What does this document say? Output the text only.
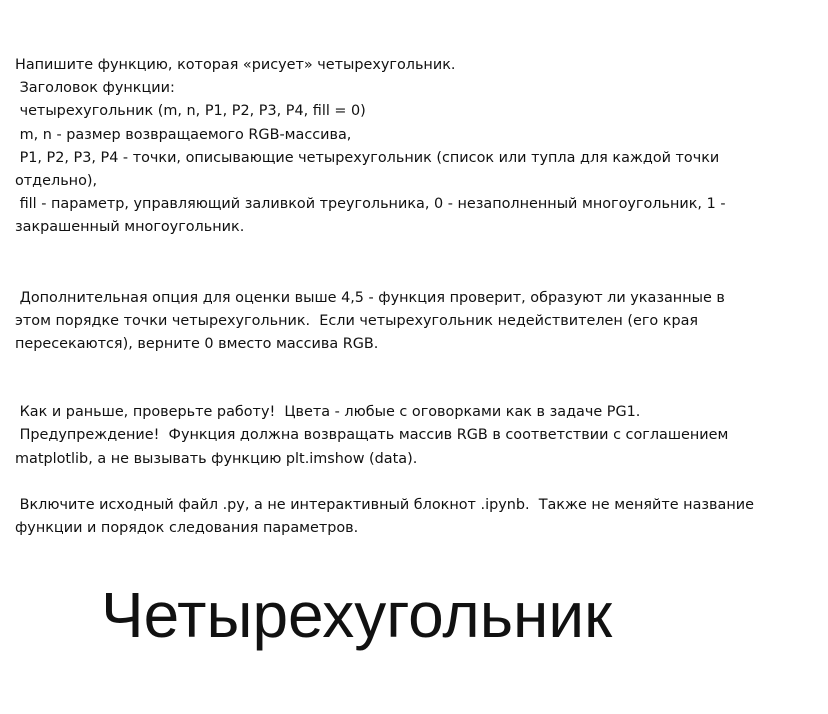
Напишите функцию, которая «рисует» четырехугольник.

Заголовок функции:

четырехугольник (m, n, P1, P2, P3, P4, fill = 0)

m, n - размер возвращаемого RGB-массива,

P1, P2, P3, P4 - точки, описывающие четырехугольник (список или тупла для каждой точки

отдельно),

fill - параметр, управляющий заливкой треугольника, 0 - незаполненный многоугольник, 1 -

закрашенный многоугольник.

Дополнительная опция для оценки выше 4,5 - функция проверит, образуют ли указанные в

этом порядке точки четырехугольник.  Если четырехугольник недействителен (его края

пересекаются), верните 0 вместо массива RGB.

Как и раньше, проверьте работу!  Цвета - любые с оговорками как в задаче PG1.

Предупреждение!  Функция должна возвращать массив RGB в соответствии с соглашением

matplotlib, а не вызывать функцию plt.imshow (data).

Включите исходный файл .py, а не интерактивный блокнот .ipynb.  Также не меняйте название

функции и порядок следования параметров.

Четырехугольник
